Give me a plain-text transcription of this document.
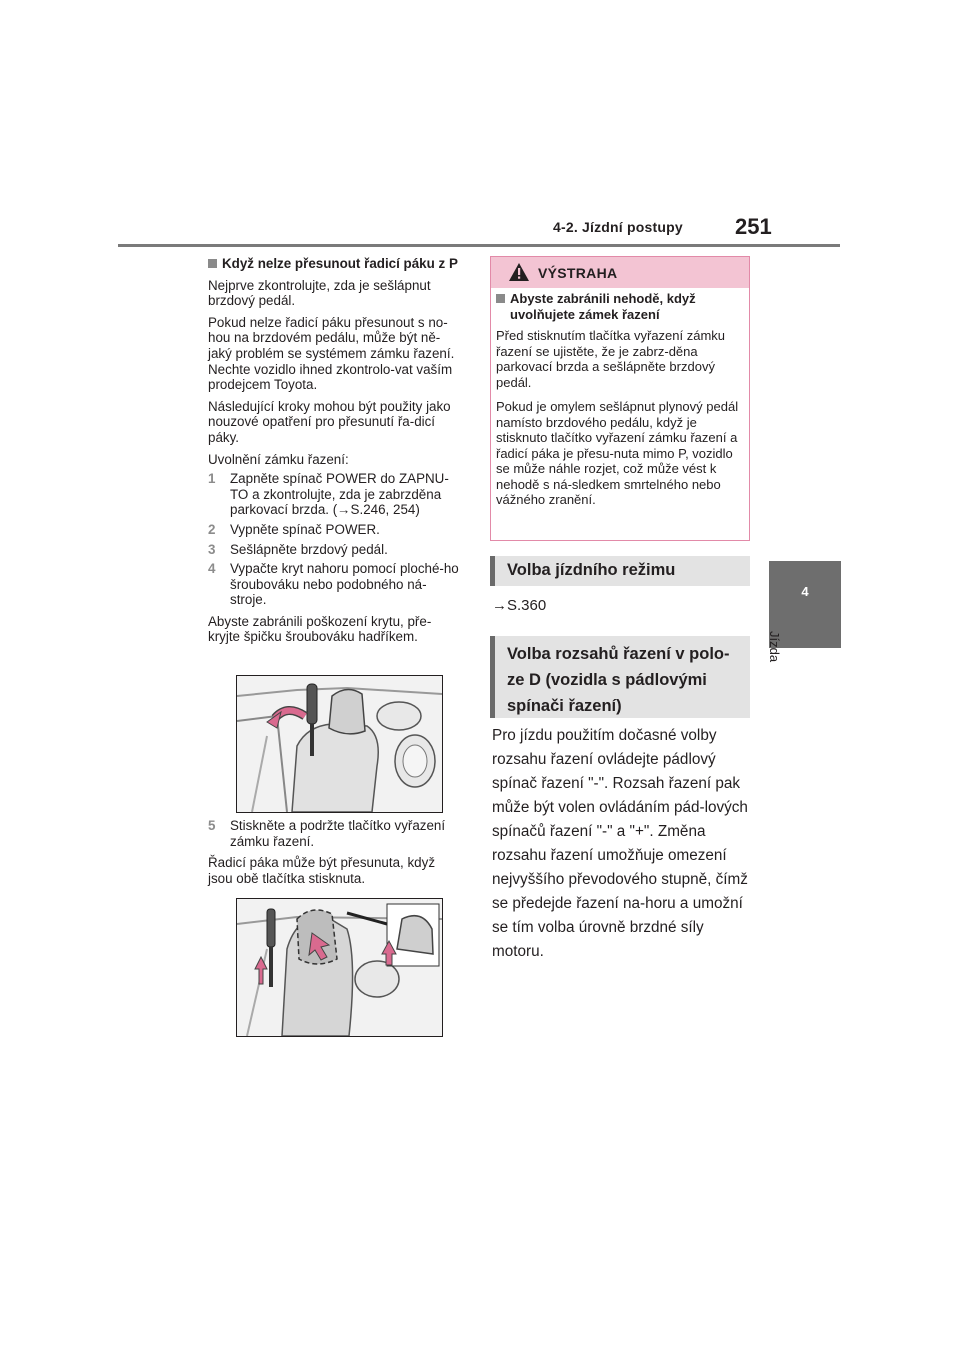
4-2. Jízdní postupy 251
4
Jízda
Když nelze přesunout řadicí páku z P

Nejprve zkontrolujte, zda je sešlápnut brzdový pedál.

Pokud nelze řadicí páku přesunout s no-hou na brzdovém pedálu, může být ně-jaký problém se systémem zámku řazení. Nechte vozidlo ihned zkontrolo-vat vaším prodejcem Toyota.

Následující kroky mohou být použity jako nouzové opatření pro přesunutí řa-dicí páky.

Uvolnění zámku řazení:

1	Zapněte spínač POWER do ZAPNU-TO a zkontrolujte, zda je zabrzděna parkovací brzda. (→S.246, 254)
2	Vypněte spínač POWER.
3	Sešlápněte brzdový pedál.
4	Vypačte kryt nahoru pomocí ploché-ho šroubováku nebo podobného ná-stroje.

Abyste zabránili poškození krytu, pře-kryjte špičku šroubováku hadříkem.

5	Stiskněte a podržte tlačítko vyřazení zámku řazení.

Řadicí páka může být přesunuta, když jsou obě tlačítka stisknuta.

→S.360
VÝSTRAHA
Abyste zabránili nehodě, když uvolňujete zámek řazení

Před stisknutím tlačítka vyřazení zámku řazení se ujistěte, že je zabrz-děna parkovací brzda a sešlápněte brzdový pedál.

Pokud je omylem sešlápnut plynový pedál namísto brzdového pedálu, když je stisknuto tlačítko vyřazení zámku řazení a řadicí páka je přesu-nuta mimo P, vozidlo se může náhle rozjet, což může vést k nehodě s ná-sledkem smrtelného nebo vážného zranění.

Volba jízdního režimu
Volba rozsahů řazení v polo-ze D (vozidla s pádlovými spínači řazení)
Pro jízdu použitím dočasné volby rozsahu řazení ovládejte pádlový spínač řazení "-". Rozsah řazení pak může být volen ovládáním pád-lových spínačů řazení "-" a "+". Změna rozsahu řazení umožňuje omezení nejvyššího převodového stupně, čímž se předejde řazení na-horu a umožní se tím volba úrovně brzdné síly motoru.
